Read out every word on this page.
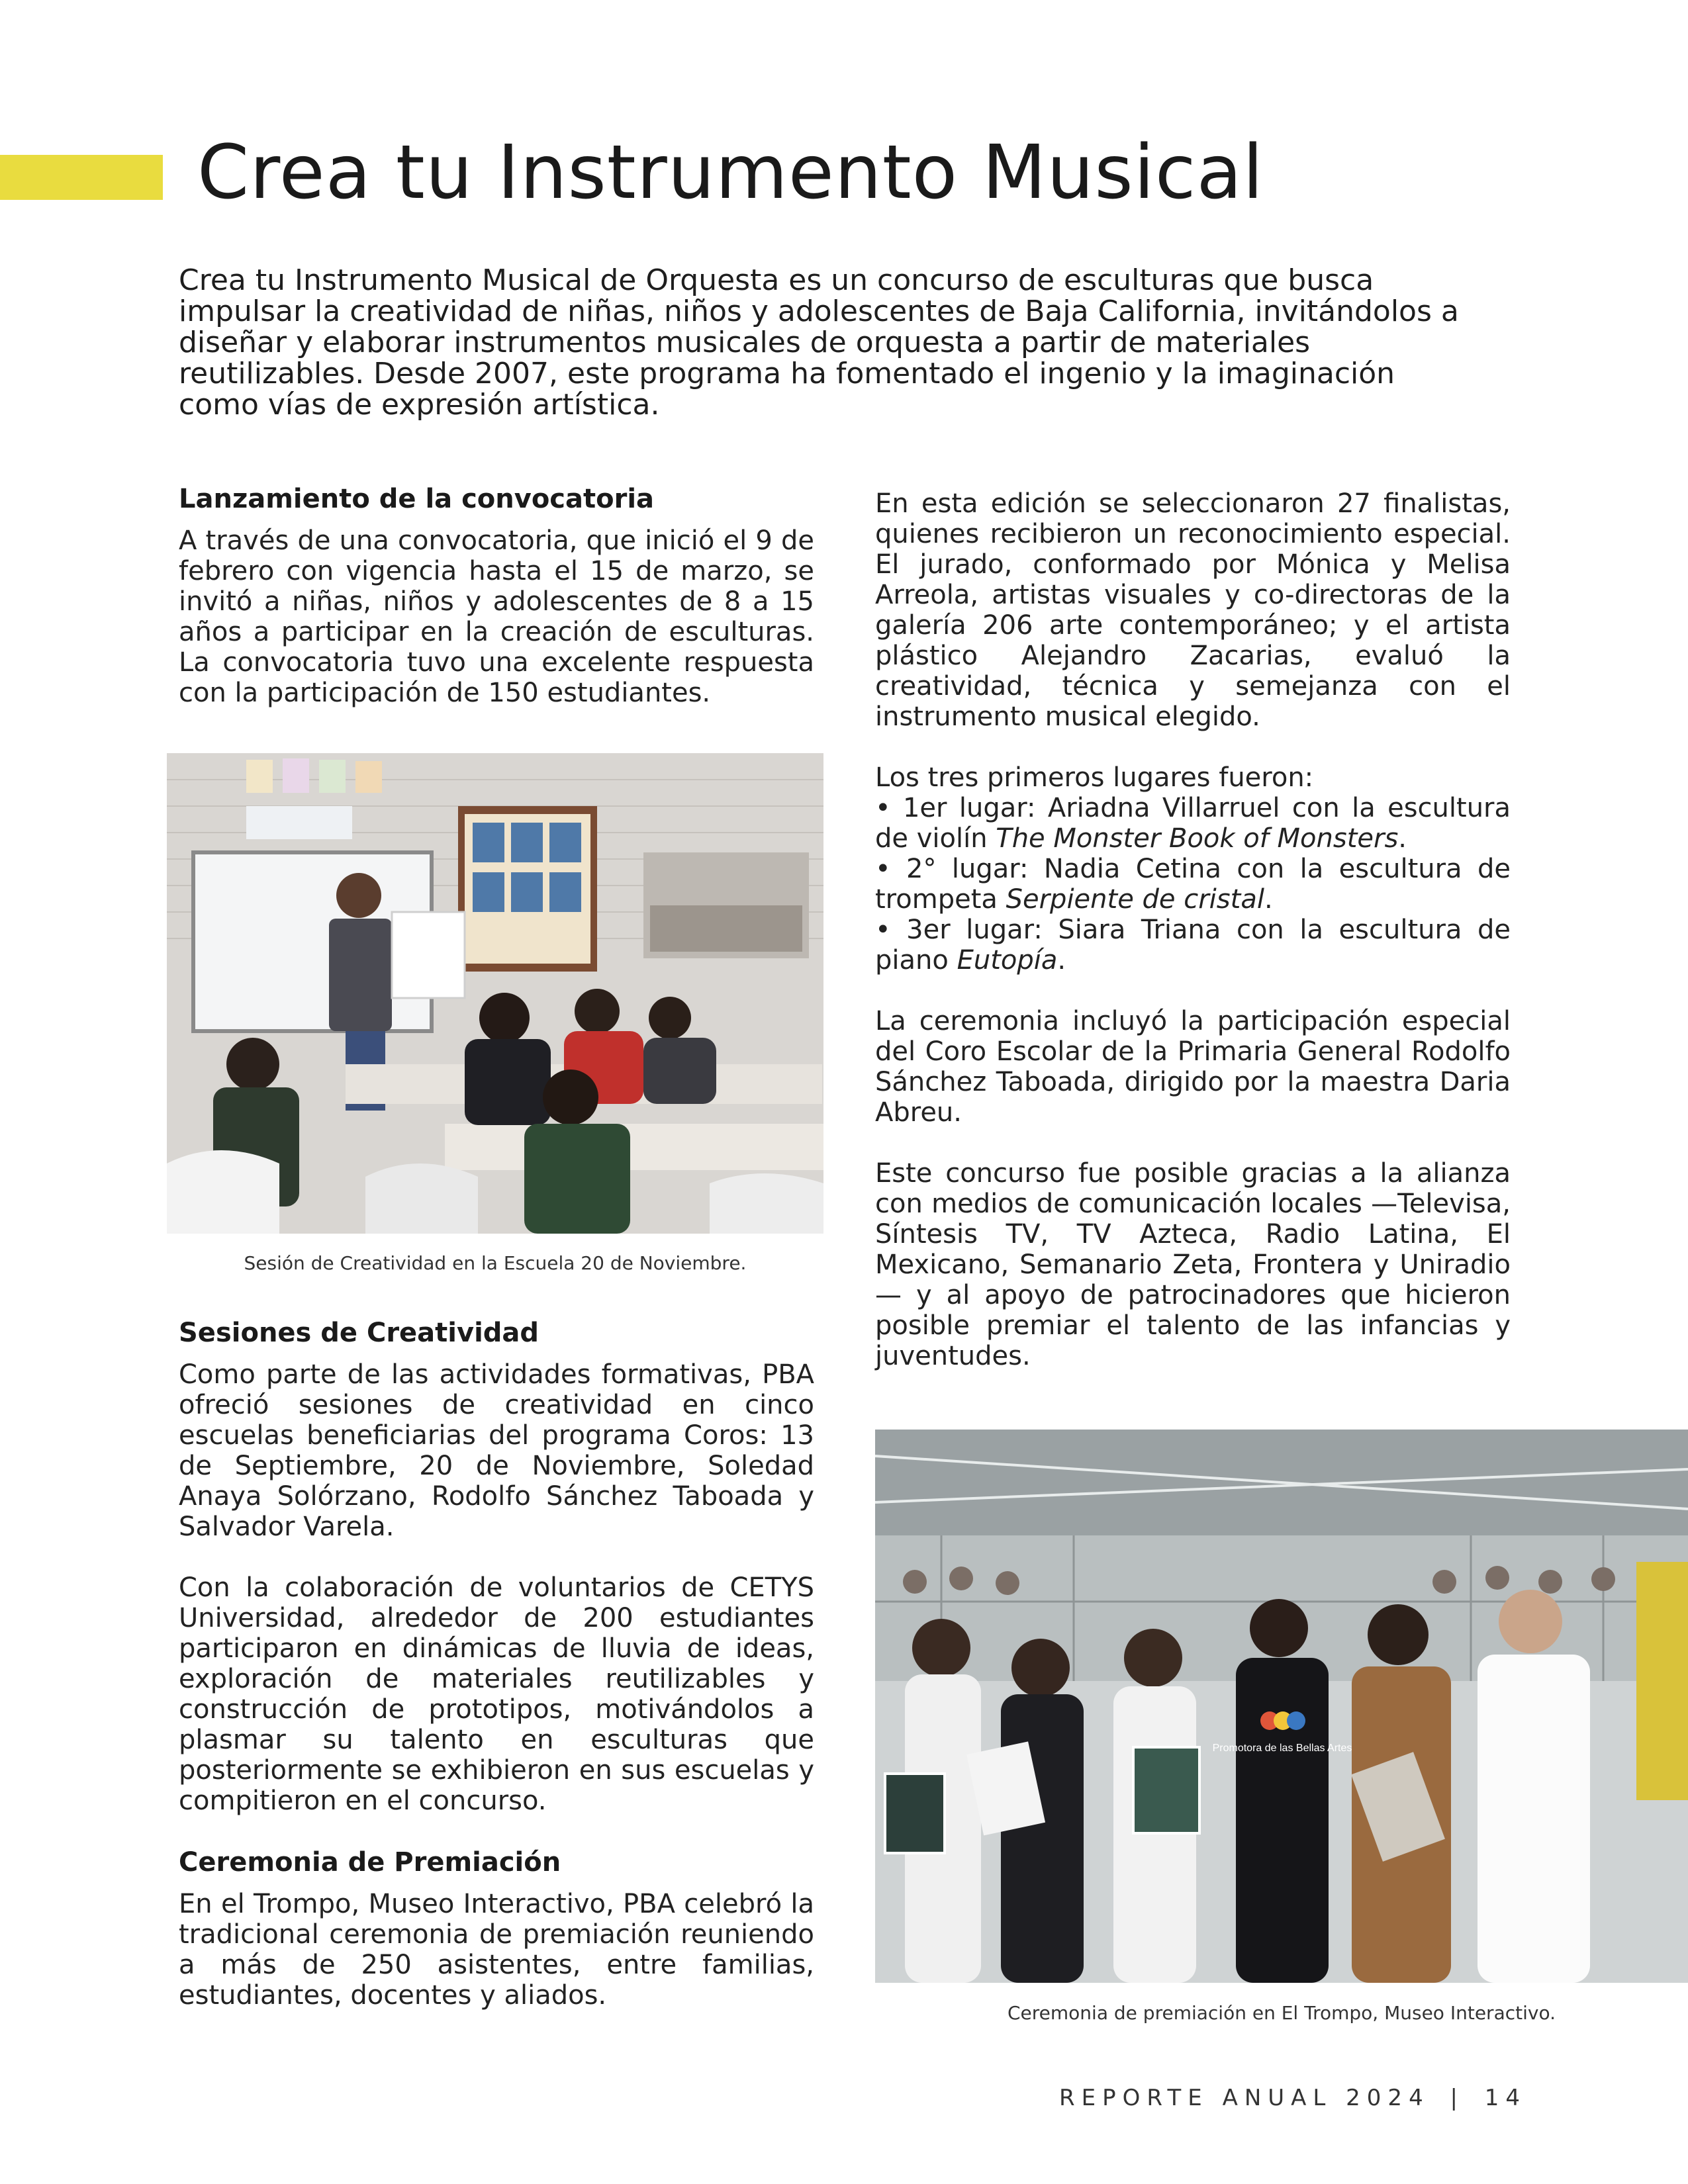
Crea tu Instrumento Musical

Crea tu Instrumento Musical de Orquesta es un concurso de esculturas que busca impulsar la creatividad de niñas, niños y adolescentes de Baja California, invitándolos a diseñar y elaborar instrumentos musicales de orquesta a partir de materiales reutilizables. Desde 2007, este programa ha fomentado el ingenio y la imaginación como vías de expresión artística.

Lanzamiento de la convocatoria

A través de una convocatoria, que inició el 9 de febrero con vigencia hasta el 15 de marzo, se invitó a niñas, niños y adolescentes de 8 a 15 años a participar en la creación de esculturas. La convocatoria tuvo una excelente respuesta con la participación de 150 estudiantes.

Sesión de Creatividad en la Escuela 20 de Noviembre.
Sesiones de Creatividad

Como parte de las actividades formativas, PBA ofreció sesiones de creatividad en cinco escuelas beneficiarias del programa Coros: 13 de Septiembre, 20 de Noviembre, Soledad Anaya Solórzano, Rodolfo Sánchez Taboada y Salvador Varela.

Con la colaboración de voluntarios de CETYS Universidad, alrededor de 200 estudiantes participaron en dinámicas de lluvia de ideas, exploración de materiales reutilizables y construcción de prototipos, motivándolos a plasmar su talento en esculturas que posteriormente se exhibieron en sus escuelas y compitieron en el concurso.

Ceremonia de Premiación

En el Trompo, Museo Interactivo, PBA celebró la tradicional ceremonia de premiación reuniendo a más de 250 asistentes, entre familias, estudiantes, docentes y aliados.

En esta edición se seleccionaron 27 finalistas, quienes recibieron un reconocimiento especial. El jurado, conformado por Mónica y Melisa Arreola, artistas visuales y co-directoras de la galería 206 arte contemporáneo; y el artista plástico Alejandro Zacarias, evaluó la creatividad, técnica y semejanza con el instrumento musical elegido.

Los tres primeros lugares fueron:

• 1er lugar: Ariadna Villarruel con la escultura de violín The Monster Book of Monsters.

• 2° lugar: Nadia Cetina con la escultura de trompeta Serpiente de cristal.

• 3er lugar: Siara Triana con la escultura de piano Eutopía.

La ceremonia incluyó la participación especial del Coro Escolar de la Primaria General Rodolfo Sánchez Taboada, dirigido por la maestra Daria Abreu.

Este concurso fue posible gracias a la alianza con medios de comunicación locales —Televisa, Síntesis TV, TV Azteca, Radio Latina, El Mexicano, Semanario Zeta, Frontera y Uniradio— y al apoyo de patrocinadores que hicieron posible premiar el talento de las infancias y juventudes.

Promotora de las Bellas Artes
Ceremonia de premiación en El Trompo, Museo Interactivo.
REPORTE ANUAL 2024 | 14
